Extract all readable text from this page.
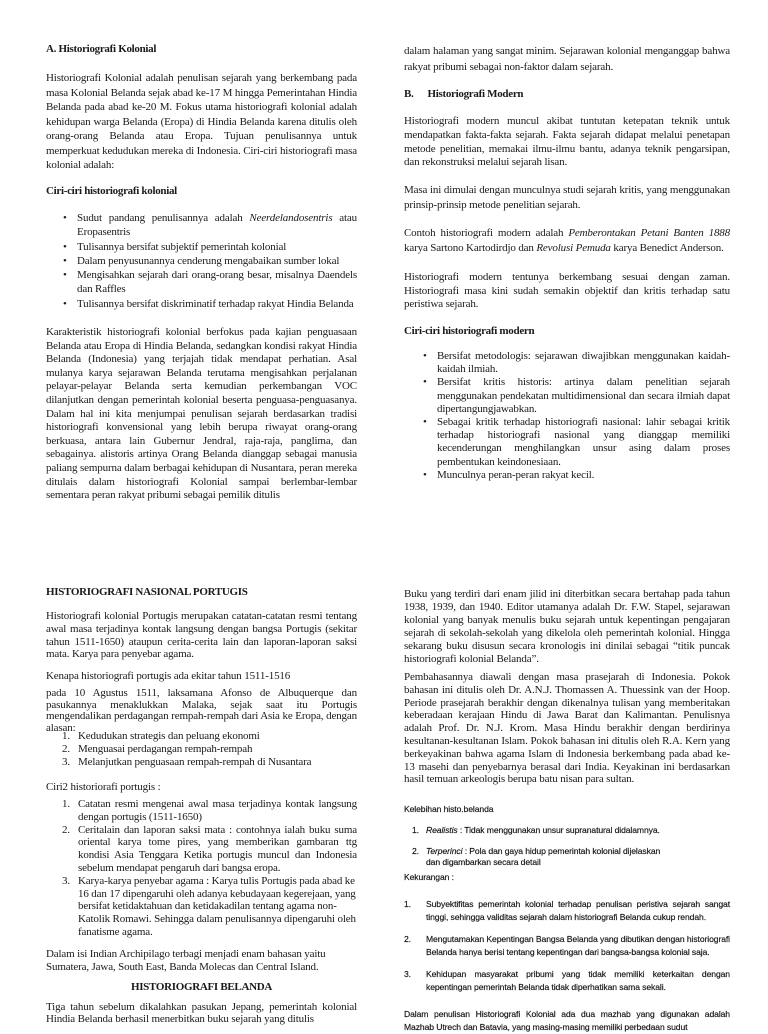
A. Historiografi Kolonial

Historiografi Kolonial adalah penulisan sejarah yang berkembang pada masa Kolonial Belanda sejak abad ke-17 M hingga Pemerintahan Hindia Belanda pada abad ke-20 M. Fokus utama historiografi kolonial adalah kehidupan warga Belanda (Eropa) di Hindia Belanda karena ditulis oleh orang-orang Belanda atau Eropa. Tujuan penulisannya untuk memperkuat kedudukan mereka di Indonesia. Ciri-ciri historiografi masa kolonial adalah:

Ciri-ciri historiografi kolonial
• Sudut pandang penulisannya adalah Neerdelandosentris atau Eropasentris
• Tulisannya bersifat subjektif pemerintah kolonial
• Dalam penyusunannya cenderung mengabaikan sumber lokal
• Mengisahkan sejarah dari orang-orang besar, misalnya Daendels dan Raffles
• Tulisannya bersifat diskriminatif terhadap rakyat Hindia Belanda

Karakteristik historiografi kolonial berfokus pada kajian penguasaan Belanda atau Eropa di Hindia Belanda, sedangkan kondisi rakyat Hindia Belanda (Indonesia) yang terjajah tidak mendapat perhatian. Asal mulanya karya sejarawan Belanda terutama mengisahkan perjalanan pelayar-pelayar Belanda serta kemudian perkembangan VOC dilanjutkan dengan pemerintah kolonial beserta penguasa-penguasanya. Dalam hal ini kita menjumpai penulisan sejarah berdasarkan tradisi historiografi konvensional yang lebih berupa riwayat orang-orang berkuasa, antara lain Gubernur Jendral, raja-raja, panglima, dan sebagainya. alistoris artinya Orang Belanda dianggap sebagai manusia paliang sempurna dalam berbagai kehidupan di Nusantara, peran mereka ditulais dalam historiografi Kolonial sampai berlembar-lembar sementara peran rakyat pribumi sebagai pemilik ditulis

dalam halaman yang sangat minim. Sejarawan kolonial menganggap bahwa rakyat pribumi sebagai non-faktor dalam sejarah.

B. Historiografi Modern

Historiografi modern muncul akibat tuntutan ketepatan teknik untuk mendapatkan fakta-fakta sejarah. Fakta sejarah didapat melalui penetapan metode penelitian, memakai ilmu-ilmu bantu, adanya teknik pengarsipan, dan rekonstruksi melalui sejarah lisan.

Masa ini dimulai dengan munculnya studi sejarah kritis, yang menggunakan prinsip-prinsip metode penelitian sejarah.

Contoh historiografi modern adalah Pemberontakan Petani Banten 1888 karya Sartono Kartodirdjo dan Revolusi Pemuda karya Benedict Anderson.

Historiografi modern tentunya berkembang sesuai dengan zaman. Historiografi masa kini sudah semakin objektif dan kritis terhadap satu peristiwa sejarah.

Ciri-ciri historiografi modern
• Bersifat metodologis: sejarawan diwajibkan menggunakan kaidah-kaidah ilmiah.
• Bersifat kritis historis: artinya dalam penelitian sejarah menggunakan pendekatan multidimensional dan secara ilmiah dapat dipertangungjawabkan.
• Sebagai kritik terhadap historiografi nasional: lahir sebagai kritik terhadap historiografi nasional yang dianggap memiliki kecenderungan menghilangkan unsur asing dalam proses pembentukan keindonesiaan.
• Munculnya peran-peran rakyat kecil.
HISTORIOGRAFI NASIONAL PORTUGIS

Historiografi kolonial Portugis merupakan catatan-catatan resmi tentang awal masa terjadinya kontak langsung dengan bangsa Portugis (sekitar tahun 1511-1650) ataupun cerita-cerita lain dan laporan-laporan saksi mata. Karya para penyebar agama.

Kenapa historiografi portugis ada ekitar tahun 1511-1516

pada 10 Agustus 1511, laksamana Afonso de Albuquerque dan pasukannya menaklukkan Malaka, sejak saat itu Portugis mengendalikan perdagangan rempah-rempah dari Asia ke Eropa, dengan alasan:

1. Kedudukan strategis dan peluang ekonomi
2. Menguasai perdagangan rempah-rempah
3. Melanjutkan penguasaan rempah-rempah di Nusantara

Ciri2 historiorafi portugis :

1. Catatan resmi mengenai awal masa terjadinya kontak langsung dengan portugis (1511-1650)
2. Ceritalain dan laporan saksi mata : contohnya ialah buku suma oriental karya tome pires, yang memberikan gambaran ttg kondisi Asia Tenggara Ketika portugis muncul dan Indonesia sebelum mendapat pengaruh dari bangsa eropa.
3. Karya-karya penyebar agama : Karya tulis Portugis pada abad ke 16 dan 17 dipengaruhi oleh adanya kebudayaan kegerejaan, yang bersifat ketidaktahuan dan ketidakadilan tentang agama non-Katolik Romawi. Sehingga dalam penulisannya dipengaruhi oleh fanatisme agama.

Dalam isi Indian Archipilago terbagi menjadi enam bahasan yaitu Sumatera, Jawa, South East, Banda Molecas dan Central Island.

HISTORIOGRAFI BELANDA

Tiga tahun sebelum dikalahkan pasukan Jepang, pemerintah kolonial Hindia Belanda berhasil menerbitkan buku sejarah yang ditulis

Buku yang terdiri dari enam jilid ini diterbitkan secara bertahap pada tahun 1938, 1939, dan 1940. Editor utamanya adalah Dr. F.W. Stapel, sejarawan kolonial yang banyak menulis buku sejarah untuk kepentingan pengajaran sejarah di sekolah-sekolah yang dikelola oleh pemerintah kolonial. Hingga sekarang buku disusun secara kronologis ini dinilai sebagai “titik puncak historiografi kolonial Belanda”.

Pembahasannya diawali dengan masa prasejarah di Indonesia. Pokok bahasan ini ditulis oleh Dr. A.N.J. Thomassen A. Thuessink van der Hoop. Periode prasejarah berakhir dengan dikenalnya tulisan yang memberitakan keberadaan kerajaan Hindu di Jawa Barat dan Kalimantan. Penulisnya adalah Prof. Dr. N.J. Krom. Masa Hindu berakhir dengan berdirinya kesultanan-kesultanan Islam. Pokok bahasan ini ditulis oleh R.A. Kern yang berkeyakinan bahwa agama Islam di Indonesia berkembang pada abad ke-13 masehi dan penyebarnya berasal dari India. Keyakinan ini berdasarkan hasil temuan arkeologis berupa batu nisan para sultan.

Kelebihan histo.belanda
1. Realistis : Tidak menggunakan unsur supranatural didalamnya.
2. Terperinci : Pola dan gaya hidup pemerintah kolonial dijelaskan dan digambarkan secara detail
Kekurangan :
1. Subyektifitas pemerintah kolonial terhadap penulisan peristiva sejarah sangat tinggi, sehingga validitas sejarah dalam historiografi Belanda cukup rendah.
2. Mengutamakan Kepentingan Bangsa Belanda yang dibutikan dengan historiografi Belanda hanya berisi tentang kepentingan dari bangsa-bangsa kolonial saja.
3. Kehidupan masyarakat pribumi yang tidak memiliki keterkaitan dengan kepentingan pemerintah Belanda tidak diperhatikan sama sekali.

Dalam penulisan Historiografi Kolonial ada dua mazhab yang digunakan adalah Mazhab Utrech dan Batavia, yang masing-masing memiliki perbedaan sudut
